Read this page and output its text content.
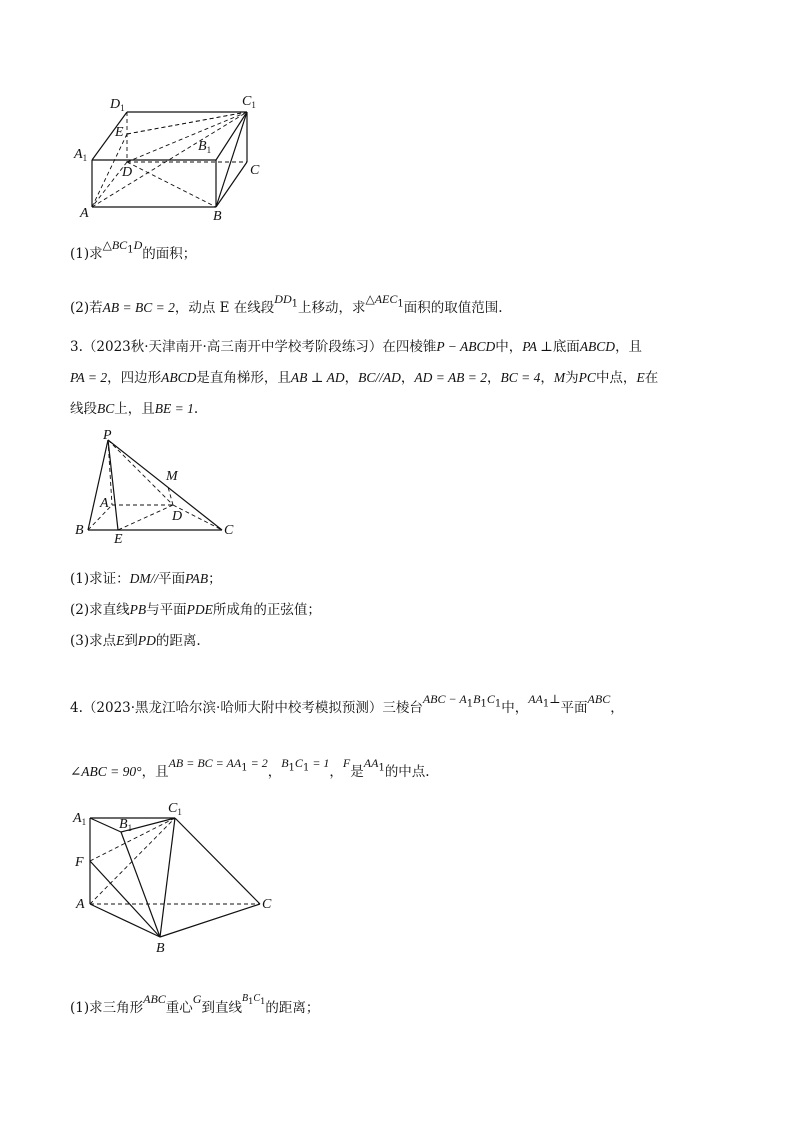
$D_1$	$C_1$
E
$B_1$
$A_1$
D	C
A	B
(1)求$\triangle BC_1D$的面积；
(2)若AB = BC = 2，动点 E 在线段$DD_1$上移动，求$\triangle AEC_1$面积的取值范围.
3.（2023秋·天津南开·高三南开中学校考阶段练习）在四棱锥P − ABCD中，PA ⊥底面ABCD，且
PA = 2，四边形ABCD是直角梯形，且AB ⊥ AD，BC//AD，AD = AB = 2，BC = 4，M为PC中点，E在
线段BC上，且BE = 1.
P
M
A
D
B
E
C
(1)求证：DM//平面PAB；
(2)求直线PB与平面PDE所成角的正弦值；
(3)求点E到PD的距离.
4.（2023·黑龙江哈尔滨·哈师大附中校考模拟预测）三棱台ABC − $A_1B_1C_1$中，$AA_1\perp$平面ABC，
∠ABC = 90°，且AB = BC = $AA_1 = 2$，$B_1C_1 = 1$，F是$AA_1$的中点.
$A_1$ $B_1$
$C_1$
F
A	C
B
(1)求三角形ABC重心G到直线$^{B_1C_1}$的距离；
